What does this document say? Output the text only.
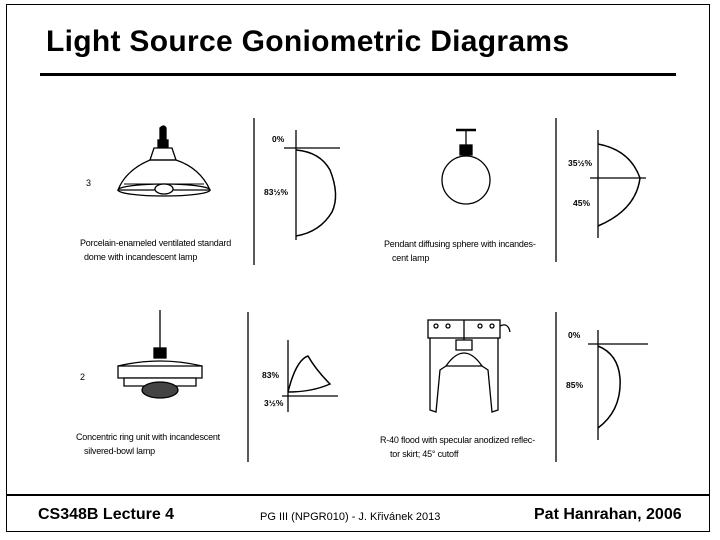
Light Source Goniometric Diagrams
3
2
Porcelain-enameled ventilated standard
dome with incandescent lamp
Pendant diffusing sphere with incandes-
cent lamp
Concentric ring unit with incandescent
silvered-bowl lamp
R-40 flood with specular anodized reflec-
tor skirt; 45° cutoff
0%
83½%
35½%
45%
83%
3½%
0%
85%
CS348B Lecture 4	PG III (NPGR010) - J. Křivánek 2013	Pat Hanrahan, 2006
